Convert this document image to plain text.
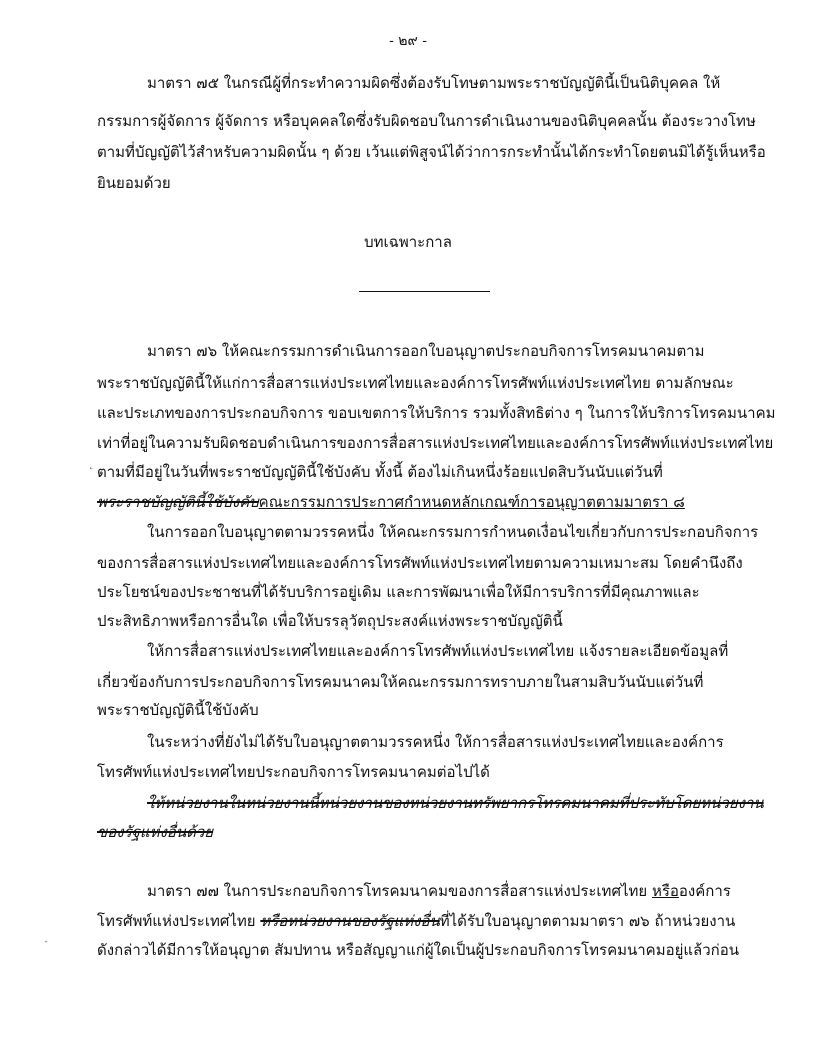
- ๒๙ -
มาตรา ๗๕ ในกรณีผู้ที่กระทำความผิดซึ่งต้องรับโทษตามพระราชบัญญัตินี้เป็นนิติบุคคล ให้
กรรมการผู้จัดการ ผู้จัดการ หรือบุคคลใดซึ่งรับผิดชอบในการดำเนินงานของนิติบุคคลนั้น ต้องระวางโทษ
ตามที่บัญญัติไว้สำหรับความผิดนั้น ๆ ด้วย เว้นแต่พิสูจน์ได้ว่าการกระทำนั้นได้กระทำโดยตนมิได้รู้เห็นหรือ
ยินยอมด้วย
บทเฉพาะกาล
มาตรา ๗๖ ให้คณะกรรมการดำเนินการออกใบอนุญาตประกอบกิจการโทรคมนาคมตาม
พระราชบัญญัตินี้ให้แก่การสื่อสารแห่งประเทศไทยและองค์การโทรศัพท์แห่งประเทศไทย ตามลักษณะ
และประเภทของการประกอบกิจการ ขอบเขตการให้บริการ รวมทั้งสิทธิต่าง ๆ ในการให้บริการโทรคมนาคม
เท่าที่อยู่ในความรับผิดชอบดำเนินการของการสื่อสารแห่งประเทศไทยและองค์การโทรศัพท์แห่งประเทศไทย
ตามที่มีอยู่ในวันที่พระราชบัญญัตินี้ใช้บังคับ ทั้งนี้ ต้องไม่เกินหนึ่งร้อยแปดสิบวันนับแต่วันที่
พระราชบัญญัตินี้ใช้บังคับคณะกรรมการประกาศกำหนดหลักเกณฑ์การอนุญาตตามมาตรา ๘
ในการออกใบอนุญาตตามวรรคหนึ่ง ให้คณะกรรมการกำหนดเงื่อนไขเกี่ยวกับการประกอบกิจการ
ของการสื่อสารแห่งประเทศไทยและองค์การโทรศัพท์แห่งประเทศไทยตามความเหมาะสม โดยคำนึงถึง
ประโยชน์ของประชาชนที่ได้รับบริการอยู่เดิม และการพัฒนาเพื่อให้มีการบริการที่มีคุณภาพและ
ประสิทธิภาพหรือการอื่นใด เพื่อให้บรรลุวัตถุประสงค์แห่งพระราชบัญญัตินี้
ให้การสื่อสารแห่งประเทศไทยและองค์การโทรศัพท์แห่งประเทศไทย แจ้งรายละเอียดข้อมูลที่
เกี่ยวข้องกับการประกอบกิจการโทรคมนาคมให้คณะกรรมการทราบภายในสามสิบวันนับแต่วันที่
พระราชบัญญัตินี้ใช้บังคับ
ในระหว่างที่ยังไม่ได้รับใบอนุญาตตามวรรคหนึ่ง ให้การสื่อสารแห่งประเทศไทยและองค์การ
โทรศัพท์แห่งประเทศไทยประกอบกิจการโทรคมนาคมต่อไปได้
ให้หน่วยงานในหน่วยงานนี้หน่วยงานของหน่วยงานทรัพยากรโทรคมนาคมที่ประทับโดยหน่วยงาน
ของรัฐแห่งอื่นด้วย
มาตรา ๗๗ ในการประกอบกิจการโทรคมนาคมของการสื่อสารแห่งประเทศไทย หรือองค์การ
โทรศัพท์แห่งประเทศไทย หรือหน่วยงานของรัฐแห่งอื่นที่ได้รับใบอนุญาตตามมาตรา ๗๖ ถ้าหน่วยงาน
ดังกล่าวได้มีการให้อนุญาต สัมปทาน หรือสัญญาแก่ผู้ใดเป็นผู้ประกอบกิจการโทรคมนาคมอยู่แล้วก่อน
˛
·
